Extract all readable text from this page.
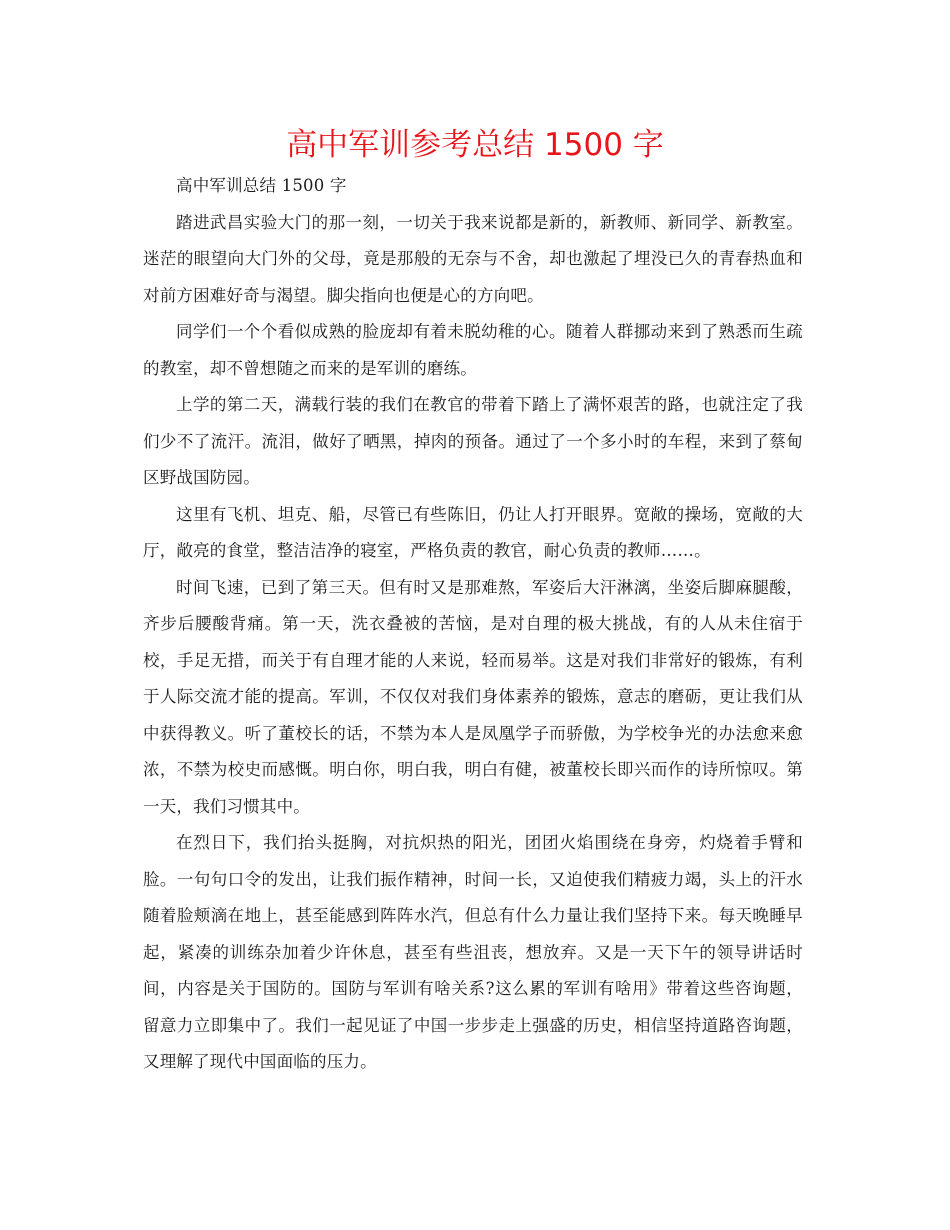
高中军训参考总结 1500 字

高中军训总结 1500 字

踏进武昌实验大门的那一刻，一切关于我来说都是新的，新教师、新同学、新教室。迷茫的眼望向大门外的父母，竟是那般的无奈与不舍，却也激起了埋没已久的青春热血和对前方困难好奇与渴望。脚尖指向也便是心的方向吧。

同学们一个个看似成熟的脸庞却有着未脱幼稚的心。随着人群挪动来到了熟悉而生疏的教室，却不曾想随之而来的是军训的磨练。

上学的第二天，满载行装的我们在教官的带着下踏上了满怀艰苦的路，也就注定了我们少不了流汗。流泪，做好了晒黑，掉肉的预备。通过了一个多小时的车程，来到了蔡甸区野战国防园。

这里有飞机、坦克、船，尽管已有些陈旧，仍让人打开眼界。宽敞的操场，宽敞的大厅，敞亮的食堂，整洁洁净的寝室，严格负责的教官，耐心负责的教师……。

时间飞速，已到了第三天。但有时又是那难熬，军姿后大汗淋漓，坐姿后脚麻腿酸，齐步后腰酸背痛。第一天，洗衣叠被的苦恼，是对自理的极大挑战，有的人从未住宿于校，手足无措，而关于有自理才能的人来说，轻而易举。这是对我们非常好的锻炼，有利于人际交流才能的提高。军训，不仅仅对我们身体素养的锻炼，意志的磨砺，更让我们从中获得教义。听了董校长的话，不禁为本人是凤凰学子而骄傲，为学校争光的办法愈来愈浓，不禁为校史而感慨。明白你，明白我，明白有健，被董校长即兴而作的诗所惊叹。第一天，我们习惯其中。

在烈日下，我们抬头挺胸，对抗炽热的阳光，团团火焰围绕在身旁，灼烧着手臂和脸。一句句口令的发出，让我们振作精神，时间一长，又迫使我们精疲力竭，头上的汗水随着脸颊滴在地上，甚至能感到阵阵水汽，但总有什么力量让我们坚持下来。每天晚睡早起，紧凑的训练杂加着少许休息，甚至有些沮丧，想放弃。又是一天下午的领导讲话时间，内容是关于国防的。国防与军训有啥关系?这么累的军训有啥用》带着这些咨询题，留意力立即集中了。我们一起见证了中国一步步走上强盛的历史，相信坚持道路咨询题，又理解了现代中国面临的压力。
